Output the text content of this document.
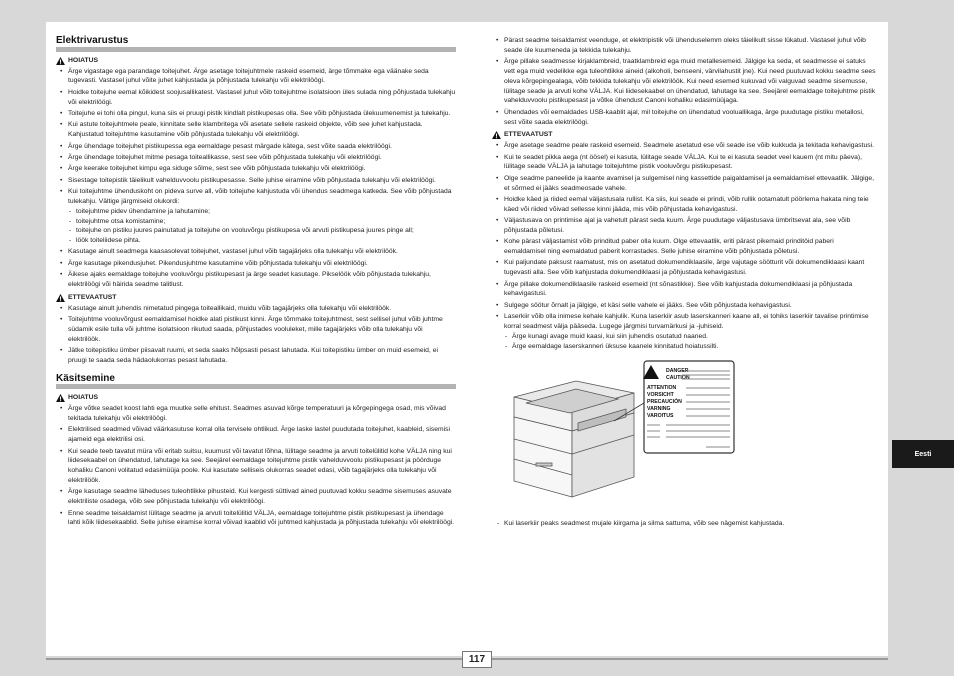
Elektrivarustus
HOIATUS
• Ärge vigastage ega parandage toitejuhet. Ärge asetage toitejuhtmele raskeid esemeid, ärge tõmmake ega väänake seda tugevasti. Vastasel juhul võite juhet kahjustada ja põhjustada tulekahju või elektrilöögi.
• Hoidke toitejuhe eemal kõikidest soojusallikatest. Vastasel juhul võib toitejuhtme isolatsioon üles sulada ning põhjustada tulekahju või elektrilöögi.
• Toitejuhe ei tohi olla pingul, kuna siis ei pruugi pistik kindlalt pistikupesas olla. See võib põhjustada ülekuumenemist ja tulekahju.
• Kui astute toitejuhtmele peale, kinnitate selle klambritega või asetate sellele raskeid objekte, võib see juhet kahjustada. Kahjustatud toitejuhtme kasutamine võib põhjustada tulekahju või elektrilöögi.
• Ärge ühendage toitejuhet pistikupessa ega eemaldage pesast märgade kätega, sest võite saada elektrilöögi.
• Ärge ühendage toitejuhet mitme pesaga toiteallikasse, sest see võib põhjustada tulekahju või elektrilöögi.
• Ärge keerake toitejuhet kimpu ega siduge sõlme, sest see võib põhjustada tulekahju või elektrilöögi.
• Sisestage toitepistik täielikult vahelduvvoolu pistikupesasse. Selle juhise eiramine võib põhjustada tulekahju või elektrilöögi.
• Kui toitejuhtme ühenduskoht on pideva surve all, võib toitejuhe kahjustuda või ühendus seadmega katkeda. See võib põhjustada tulekahju. Vältige järgmiseid olukordi:
- toitejuhtme pidev ühendamine ja lahutamine;
- toitejuhtme otsa komistamine;
- toitejuhe on pistiku juures painutatud ja toitejuhe on vooluvõrgu pistikupesa või arvuti pistikupesa juures pinge all;
- löök toiteliidese pihta.
• Kasutage ainult seadmega kaasasolevat toitejuhet, vastasel juhul võib tagajärjeks olla tulekahju või elektrilöök.
• Ärge kasutage pikendusjuhet. Pikendusjuhtme kasutamine võib põhjustada tulekahju või elektrilöögi.
• Äikese ajaks eemaldage toitejuhe vooluvõrgu pistikupesast ja ärge seadet kasutage. Pikselöök võib põhjustada tulekahju, elektrilöögi või häirida seadme talitlust.
ETTEVAATUST
• Kasutage ainult juhendis nimetatud pingega toiteallikaid, muidu võib tagajärjeks olla tulekahju või elektrilöök.
• Toitejuhtme vooluvõrgust eemaldamisel hoidke alati pistikust kinni. Ärge tõmmake toitejuhtmest, sest sellisel juhul võib juhtme südamik esile tulla või juhtme isolatsioon rikutud saada, põhjustades vooluleket, mille tagajärjeks võib olla tulekahju või elektrilöök.
• Jätke toitepistiku ümber piisavalt ruumi, et seda saaks hõlpsasti pesast lahutada. Kui toitepistiku ümber on muid esemeid, ei pruugi te saada seda hädaolukorras pesast lahutada.
Käsitsemine
HOIATUS
• Ärge võtke seadet koost lahti ega muutke selle ehitust. Seadmes asuvad kõrge temperatuuri ja kõrgepingega osad, mis võivad tekitada tulekahju või elektrilöögi.
• Elektrilised seadmed võivad väärkasutuse korral olla tervisele ohtlikud. Ärge laske lastel puudutada toitejuhet, kaableid, sisemisi ajameid ega elektrilisi osi.
• Kui seade teeb tavatut müra või eritab suitsu, kuumust või tavatut lõhna, lülitage seadme ja arvuti toitelülitid kohe VÄLJA ning kui liidesekaabel on ühendatud, lahutage ka see. Seejärel eemaldage toitejuhtme pistik vahelduvvoolu pistikupesast ja pöörduge kohaliku Canoni volitatud edasimüüja poole. Kui kasutate selliseis olukorras seadet edasi, võib tagajärjeks olla tulekahju või elektrilöök.
• Ärge kasutage seadme läheduses tuleohtlikke pihusteid. Kui kergesti süttivad ained puutuvad kokku seadme sisemuses asuvate elektriliste osadega, võib see põhjustada tulekahju või elektrilöögi.
• Enne seadme teisaldamist lülitage seadme ja arvuti toitelülitid VÄLJA, eemaldage toitejuhtme pistik pistikupesast ja ühendage lahti kõik liidesekaablid. Selle juhise eiramise korral võivad kaablid või juhtmed kahjustada ja põhjustada tulekahju või elektrilöögi.
• Pärast seadme teisaldamist veenduge, et elektripistik või ühenduselemm oleks täielikult sisse lükatud. Vastasel juhul võib seade üle kuumeneda ja tekkida tulekahju.
• Ärge pillake seadmesse kirjaklambreid, traatklambreid ega muid metallesemeid. Jälgige ka seda, et seadmesse ei satuks vett ega muid vedelikke ega tuleohtlikke aineid (alkoholi, benseeni, värvilahustit jne). Kui need puutuvad kokku seadme sees oleva kõrgepingealaga, võib tekkida tulekahju või elektrilöök. Kui need esemed kukuvad või valguvad seadme sisemusse, lülitage seade ja arvuti kohe VÄLJA. Kui liidesekaabel on ühendatud, lahutage ka see. Seejärel eemaldage toitejuhtme pistik vahelduvvoolu pistikupesast ja võtke ühendust Canoni kohaliku edasimüüjaga.
• Ühendades või eemaldades USB-kaablit ajal, mil toitejuhe on ühendatud vooluallikaga, ärge puudutage pistiku metallosi, sest võite saada elektrilöögi.
ETTEVAATUST
• Ärge asetage seadme peale raskeid esemeid. Seadmele asetatud ese või seade ise võib kukkuda ja tekitada kehavigastusi.
• Kui te seadet pikka aega (nt öösel) ei kasuta, lülitage seade VÄLJA. Kui te ei kasuta seadet veel kauem (nt mitu päeva), lülitage seade VÄLJA ja lahutage toitejuhtme pistik vooluvõrgu pistikupesast.
• Olge seadme paneelide ja kaante avamisel ja sulgemisel ning kassettide paigaldamisel ja eemaldamisel ettevaatlik. Jälgige, et sõrmed ei jääks seadmeosade vahele.
• Hoidke käed ja riided eemal väljastusala rullist. Ka siis, kui seade ei prindi, võib rullik ootamatult pöörlema hakata ning teie käed või riided võivad sellesse kinni jääda, mis võib põhjustada kehavigastusi.
• Väljastusava on printimise ajal ja vahetult pärast seda kuum. Ärge puudutage väljastusava ümbritsevat ala, see võib põhjustada põletusi.
• Kohe pärast väljastamist võib prinditud paber olla kuum. Olge ettevaatlik, eriti pärast pikemaid prinditöid paberi eemaldamisel ning eemaldatud paberit korrastades. Selle juhise eiramine võib põhjustada põletusi.
• Kui paljundate paksust raamatust, mis on asetatud dokumendiklaasile, ärge vajutage söötturit või dokumendiklaasi kaant tugevasti alla. See võib kahjustada dokumendiklaasi ja põhjustada kehavigastusi.
• Ärge pillake dokumendiklaasile raskeid esemeid (nt sõnastikke). See võib kahjustada dokumendiklaasi ja põhjustada kehavigastusi.
• Sulgege söötur õrnalt ja jälgige, et käsi selle vahele ei jääks. See võib põhjustada kehavigastusi.
• Laserkiir võib olla inimese kehale kahjulik. Kuna laserkiir asub laserskanneri kaane all, ei tohiks laserkiir tavalise printimise korral seadmest välja pääseda. Lugege järgmisi turvamärkusi ja -juhiseid.
- Ärge kunagi avage muid kaasi, kui siin juhendis osutatud naaned.
- Ärge eemaldage laserskanneri üksuse kaanele kinnitatud hoiatussilti.
DANGER
CAUTION
ATTENTION
VORSICHT
PRECAUCIÓN
VARNING
VAROITUS
- Kui laserkiir peaks seadmest mujale kiirgama ja silma sattuma, võib see nägemist kahjustada.
Eesti
117
